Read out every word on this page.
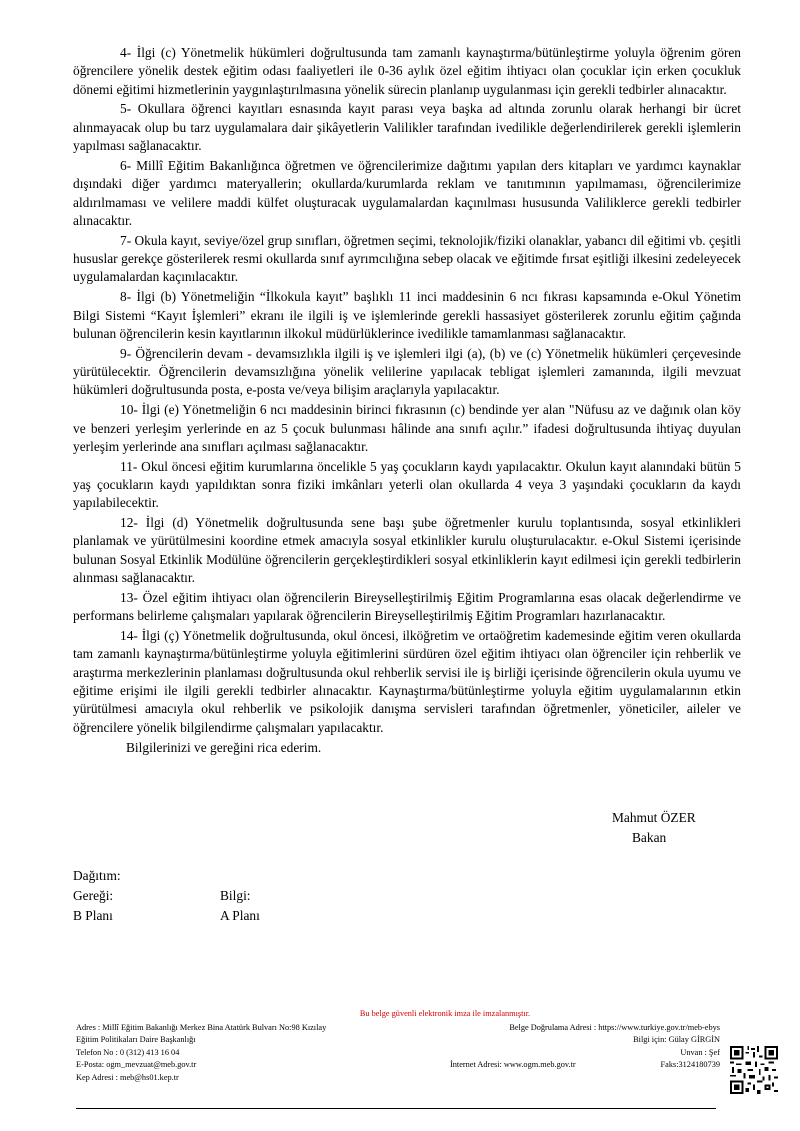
4- İlgi (c) Yönetmelik hükümleri doğrultusunda tam zamanlı kaynaştırma/bütünleştirme yoluyla öğrenim gören öğrencilere yönelik destek eğitim odası faaliyetleri ile 0-36 aylık özel eğitim ihtiyacı olan çocuklar için erken çocukluk dönemi eğitimi hizmetlerinin yaygınlaştırılmasına yönelik sürecin planlanıp uygulanması için gerekli tedbirler alınacaktır.

5- Okullara öğrenci kayıtları esnasında kayıt parası veya başka ad altında zorunlu olarak herhangi bir ücret alınmayacak olup bu tarz uygulamalara dair şikâyetlerin Valilikler tarafından ivedilikle değerlendirilerek gerekli işlemlerin yapılması sağlanacaktır.

6- Millî Eğitim Bakanlığınca öğretmen ve öğrencilerimize dağıtımı yapılan ders kitapları ve yardımcı kaynaklar dışındaki diğer yardımcı materyallerin; okullarda/kurumlarda reklam ve tanıtımının yapılmaması, öğrencilerimize aldırılmaması ve velilere maddi külfet oluşturacak uygulamalardan kaçınılması hususunda Valiliklerce gerekli tedbirler alınacaktır.

7- Okula kayıt, seviye/özel grup sınıfları, öğretmen seçimi, teknolojik/fiziki olanaklar, yabancı dil eğitimi vb. çeşitli hususlar gerekçe gösterilerek resmi okullarda sınıf ayrımcılığına sebep olacak ve eğitimde fırsat eşitliği ilkesini zedeleyecek uygulamalardan kaçınılacaktır.

8- İlgi (b) Yönetmeliğin “İlkokula kayıt” başlıklı 11 inci maddesinin 6 ncı fıkrası kapsamında e-Okul Yönetim Bilgi Sistemi “Kayıt İşlemleri” ekranı ile ilgili iş ve işlemlerinde gerekli hassasiyet gösterilerek zorunlu eğitim çağında bulunan öğrencilerin kesin kayıtlarının ilkokul müdürlüklerince ivedilikle tamamlanması sağlanacaktır.

9- Öğrencilerin devam - devamsızlıkla ilgili iş ve işlemleri ilgi (a), (b) ve (c) Yönetmelik hükümleri çerçevesinde yürütülecektir. Öğrencilerin devamsızlığına yönelik velilerine yapılacak tebligat işlemleri zamanında, ilgili mevzuat hükümleri doğrultusunda posta, e-posta ve/veya bilişim araçlarıyla yapılacaktır.

10- İlgi (e) Yönetmeliğin 6 ncı maddesinin birinci fıkrasının (c) bendinde yer alan "Nüfusu az ve dağınık olan köy ve benzeri yerleşim yerlerinde en az 5 çocuk bulunması hâlinde ana sınıfı açılır.” ifadesi doğrultusunda ihtiyaç duyulan yerleşim yerlerinde ana sınıfları açılması sağlanacaktır.

11- Okul öncesi eğitim kurumlarına öncelikle 5 yaş çocukların kaydı yapılacaktır. Okulun kayıt alanındaki bütün 5 yaş çocukların kaydı yapıldıktan sonra fiziki imkânları yeterli olan okullarda 4 veya 3 yaşındaki çocukların da kaydı yapılabilecektir.

12- İlgi (d) Yönetmelik doğrultusunda sene başı şube öğretmenler kurulu toplantısında, sosyal etkinlikleri planlamak ve yürütülmesini koordine etmek amacıyla sosyal etkinlikler kurulu oluşturulacaktır. e-Okul Sistemi içerisinde bulunan Sosyal Etkinlik Modülüne öğrencilerin gerçekleştirdikleri sosyal etkinliklerin kayıt edilmesi için gerekli tedbirlerin alınması sağlanacaktır.

13- Özel eğitim ihtiyacı olan öğrencilerin Bireyselleştirilmiş Eğitim Programlarına esas olacak değerlendirme ve performans belirleme çalışmaları yapılarak öğrencilerin Bireyselleştirilmiş Eğitim Programları hazırlanacaktır.

14- İlgi (ç) Yönetmelik doğrultusunda, okul öncesi, ilköğretim ve ortaöğretim kademesinde eğitim veren okullarda tam zamanlı kaynaştırma/bütünleştirme yoluyla eğitimlerini sürdüren özel eğitim ihtiyacı olan öğrenciler için rehberlik ve araştırma merkezlerinin planlaması doğrultusunda okul rehberlik servisi ile iş birliği içerisinde öğrencilerin okula uyumu ve eğitime erişimi ile ilgili gerekli tedbirler alınacaktır. Kaynaştırma/bütünleştirme yoluyla eğitim uygulamalarının etkin yürütülmesi amacıyla okul rehberlik ve psikolojik danışma servisleri tarafından öğretmenler, yöneticiler, aileler ve öğrencilere yönelik bilgilendirme çalışmaları yapılacaktır.

Bilgilerinizi ve gereğini rica ederim.

Mahmut ÖZER
Bakan
Dağıtım:
Gereği:	Bilgi:
B Planı	A Planı
Bu belge güvenli elektronik imza ile imzalanmıştır.
Adres : Millî Eğitim Bakanlığı Merkez Bina Atatürk Bulvarı No:98 Kızılay
Eğitim Politikaları Daire Başkanlığı
Telefon No : 0 (312) 413 16 04
E-Posta: ogm_mevzuat@meb.gov.tr
Kep Adresi : meb@hs01.kep.tr
Belge Doğrulama Adresi : https://www.turkiye.gov.tr/meb-ebys
Bilgi için: Gülay GİRGİN
Unvan : Şef
İnternet Adresi: www.ogm.meb.gov.tr	Faks:3124180739
